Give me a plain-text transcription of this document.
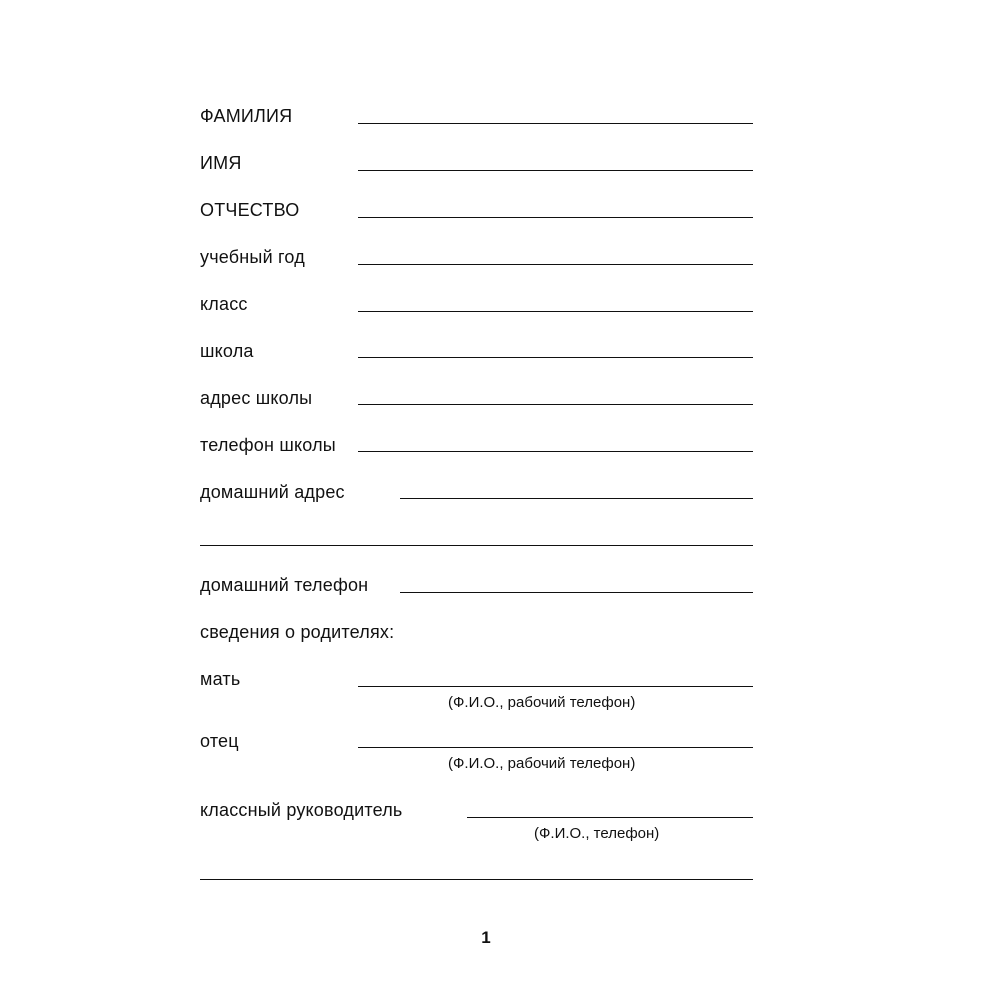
ФАМИЛИЯ
ИМЯ
ОТЧЕСТВО
учебный год
класс
школа
адрес школы
телефон школы
домашний адрес
домашний телефон
сведения о родителях:
мать
(Ф.И.О., рабочий телефон)
отец
(Ф.И.О., рабочий телефон)
классный руководитель
(Ф.И.О., телефон)
1
